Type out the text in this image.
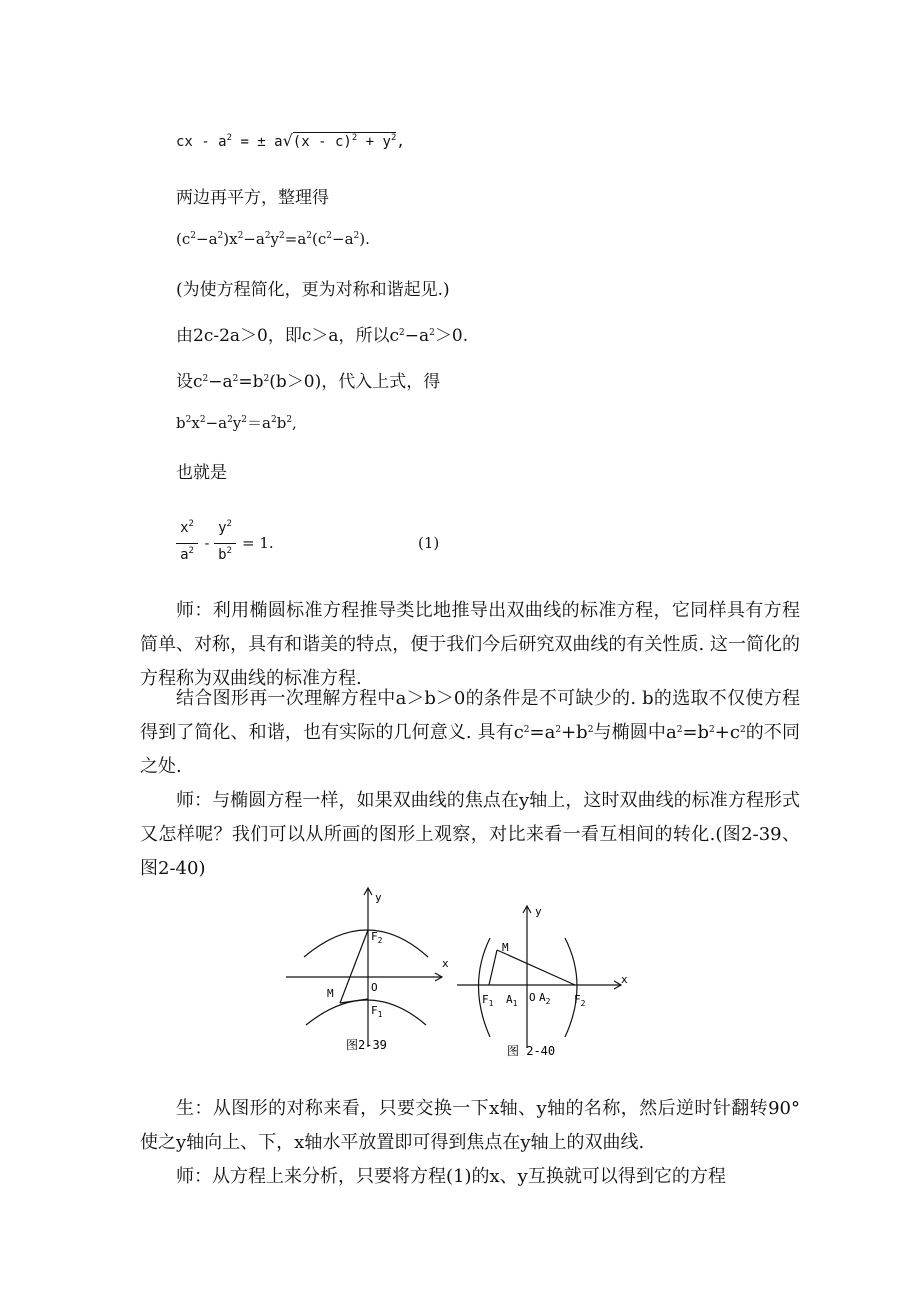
cx - $a^2$ = ± $a√(x - c)^2 + y^2$,
两边再平方，整理得
$(c^2-a^2)x^2-a^2y^2=a^2(c^2-a^2)$.
(为使方程简化，更为对称和谐起见.)
由2c-2a＞0，即c＞a，所以$c^2-a^2>0$.
设$c^2-a^2=b^2(b>0)$，代入上式，得
$b^2x^2-a^2y^2=a^2b^2$,
也就是
$x^2$
$a^2$ -
$y^2$
$b^2 = 1$.	(1)
师：利用椭圆标准方程推导类比地推导出双曲线的标准方程，它同样具有方程简单、对称，具有和谐美的特点，便于我们今后研究双曲线的有关性质. 这一简化的方程称为双曲线的标准方程.
结合图形再一次理解方程中a＞b＞0的条件是不可缺少的. b的选取不仅使方程得到了简化、和谐，也有实际的几何意义. 具有$c^2=a^2+b^2$与椭圆中$a^2=b^2+c^2$的不同之处.
师：与椭圆方程一样，如果双曲线的焦点在y轴上，这时双曲线的标准方程形式又怎样呢？我们可以从所画的图形上观察，对比来看一看互相间的转化.(图2-39、图2-40)
y
x
$F_2$
M	O
$F_1$
图2-39
y
x
M
$F_1$ $A_1$ O $A_2$ $F_2$
图 2-40
生：从图形的对称来看，只要交换一下x轴、y轴的名称，然后逆时针翻转90° 使之y轴向上、下，x轴水平放置即可得到焦点在y轴上的双曲线.
师：从方程上来分析，只要将方程(1)的x、y互换就可以得到它的方程
